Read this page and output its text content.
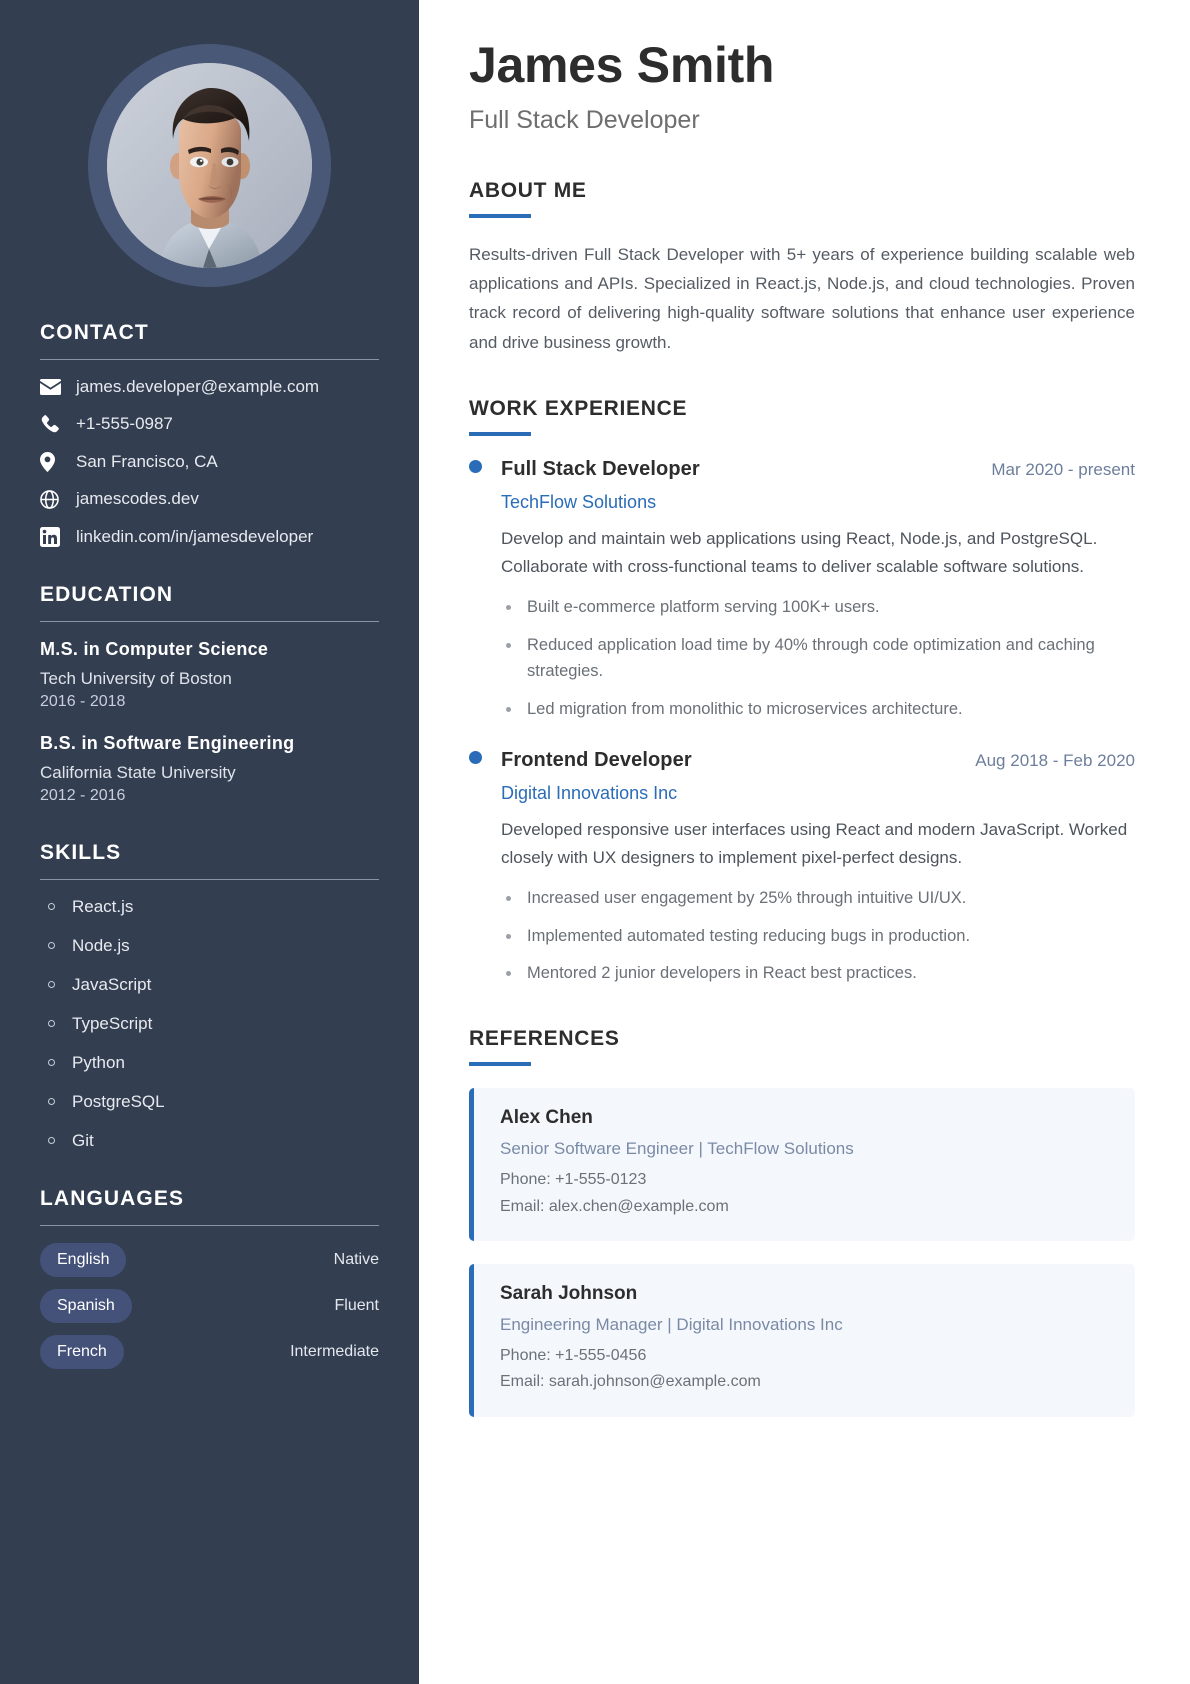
CONTACT
james.developer@example.com
+1-555-0987
San Francisco, CA
jamescodes.dev
linkedin.com/in/jamesdeveloper
EDUCATION
M.S. in Computer Science
Tech University of Boston
2016 - 2018
B.S. in Software Engineering
California State University
2012 - 2016
SKILLS
React.js
Node.js
JavaScript
TypeScript
Python
PostgreSQL
Git
LANGUAGES
English	Native
Spanish	Fluent
French	Intermediate
James Smith
Full Stack Developer
ABOUT ME

Results-driven Full Stack Developer with 5+ years of experience building scalable web applications and APIs. Specialized in React.js, Node.js, and cloud technologies. Proven track record of delivering high-quality software solutions that enhance user experience and drive business growth.

WORK EXPERIENCE
Full Stack Developer	Mar 2020 - present
TechFlow Solutions

Develop and maintain web applications using React, Node.js, and PostgreSQL. Collaborate with cross-functional teams to deliver scalable software solutions.

Built e-commerce platform serving 100K+ users.
Reduced application load time by 40% through code optimization and caching strategies.
Led migration from monolithic to microservices architecture.
Frontend Developer	Aug 2018 - Feb 2020
Digital Innovations Inc

Developed responsive user interfaces using React and modern JavaScript. Worked closely with UX designers to implement pixel-perfect designs.

Increased user engagement by 25% through intuitive UI/UX.
Implemented automated testing reducing bugs in production.
Mentored 2 junior developers in React best practices.
REFERENCES
Alex Chen
Senior Software Engineer | TechFlow Solutions
Phone: +1-555-0123
Email: alex.chen@example.com
Sarah Johnson
Engineering Manager | Digital Innovations Inc
Phone: +1-555-0456
Email: sarah.johnson@example.com
